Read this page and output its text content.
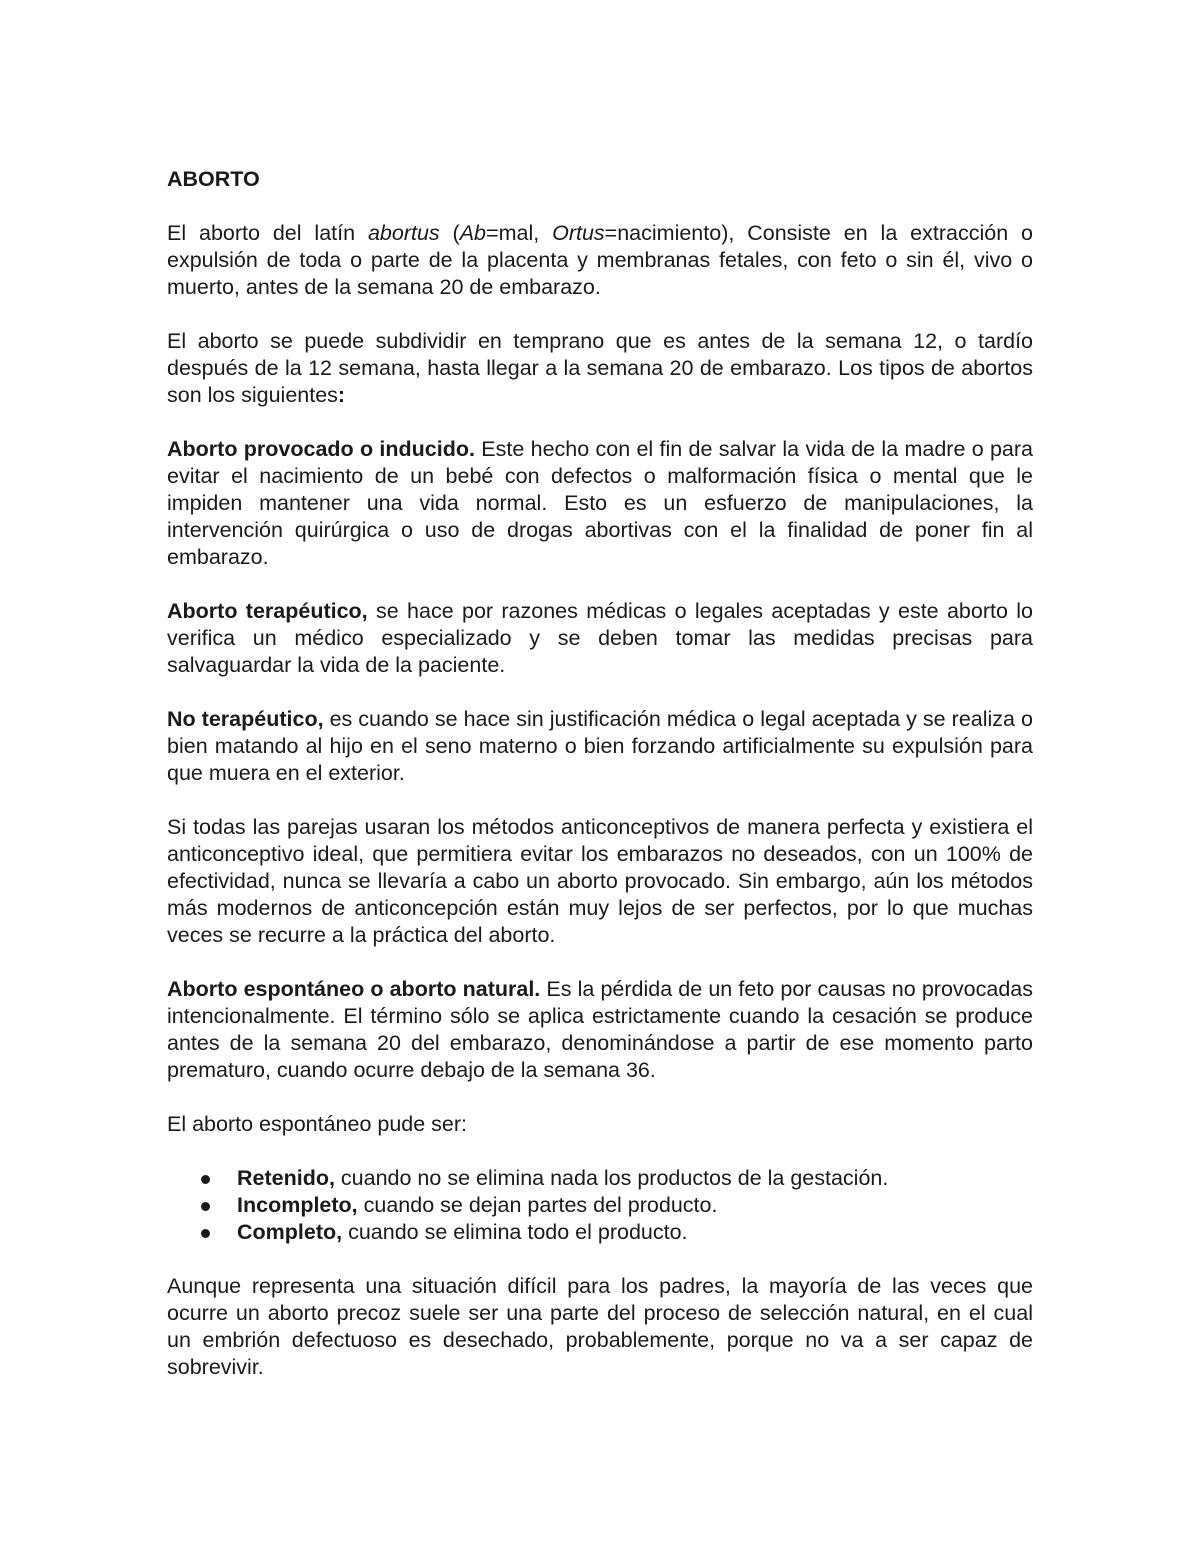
ABORTO

El aborto del latín abortus (Ab=mal, Ortus=nacimiento), Consiste en la extracción o expulsión de toda o parte de la placenta y membranas fetales, con feto o sin él, vivo o muerto, antes de la semana 20 de embarazo.

El aborto se puede subdividir en temprano que es antes de la semana 12, o tardío después de la 12 semana, hasta llegar a la semana 20 de embarazo. Los tipos de abortos son los siguientes:

Aborto provocado o inducido. Este hecho con el fin de salvar la vida de la madre o para evitar el nacimiento de un bebé con defectos o malformación física o mental que le impiden mantener una vida normal. Esto es un esfuerzo de manipulaciones, la intervención quirúrgica o uso de drogas abortivas con el la finalidad de poner fin al embarazo.

Aborto terapéutico, se hace por razones médicas o legales aceptadas y este aborto lo verifica un médico especializado y se deben tomar las medidas precisas para salvaguardar la vida de la paciente.

No terapéutico, es cuando se hace sin justificación médica o legal aceptada y se realiza o bien matando al hijo en el seno materno o bien forzando artificialmente su expulsión para que muera en el exterior.

Si todas las parejas usaran los métodos anticonceptivos de manera perfecta y existiera el anticonceptivo ideal, que permitiera evitar los embarazos no deseados, con un 100% de efectividad, nunca se llevaría a cabo un aborto provocado. Sin embargo, aún los métodos más modernos de anticoncepción están muy lejos de ser perfectos, por lo que muchas veces se recurre a la práctica del aborto.

Aborto espontáneo o aborto natural. Es la pérdida de un feto por causas no provocadas intencionalmente. El término sólo se aplica estrictamente cuando la cesación se produce antes de la semana 20 del embarazo, denominándose a partir de ese momento parto prematuro, cuando ocurre debajo de la semana 36.

El aborto espontáneo pude ser:

Retenido, cuando no se elimina nada los productos de la gestación.
Incompleto, cuando se dejan partes del producto.
Completo, cuando se elimina todo el producto.

Aunque representa una situación difícil para los padres, la mayoría de las veces que ocurre un aborto precoz suele ser una parte del proceso de selección natural, en el cual un embrión defectuoso es desechado, probablemente, porque no va a ser capaz de sobrevivir.
